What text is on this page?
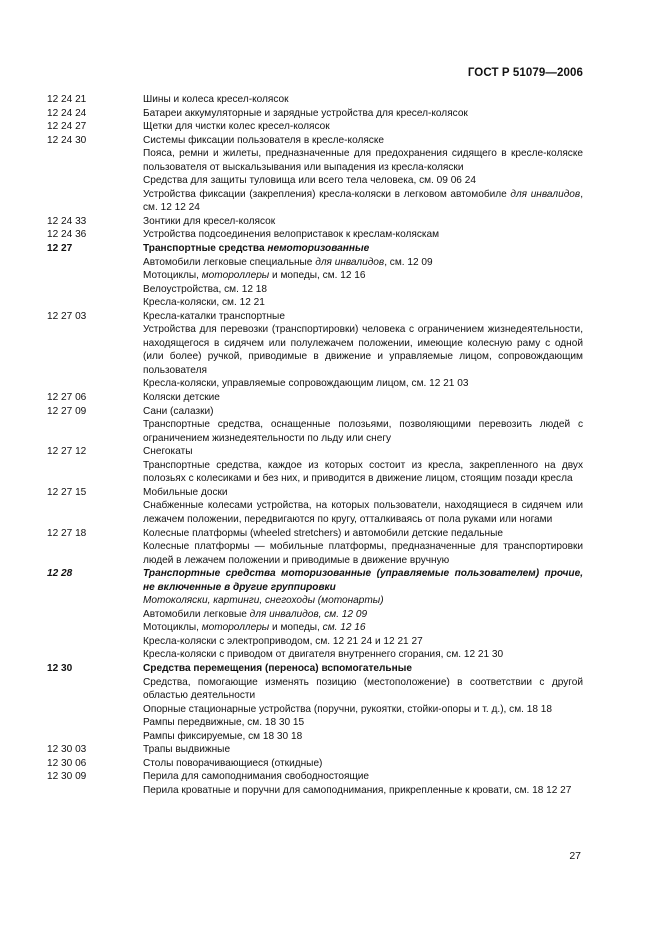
ГОСТ Р 51079—2006
12 24 21	Шины и колеса кресел-колясок
12 24 24	Батареи аккумуляторные и зарядные устройства для кресел-колясок
12 24 27	Щетки для чистки колес кресел-колясок
12 24 30	Системы фиксации пользователя в кресле-коляске
Пояса, ремни и жилеты, предназначенные для предохранения сидящего в кресле-коляске пользователя от выскальзывания или выпадения из кресла-коляски
Средства для защиты туловища или всего тела человека, см. 09 06 24
Устройства фиксации (закрепления) кресла-коляски в легковом автомобиле для инвалидов, см. 12 12 24
12 24 33	Зонтики для кресел-колясок
12 24 36	Устройства подсоединения велоприставок к креслам-коляскам
12 27	Транспортные средства немоторизованные
Автомобили легковые специальные для инвалидов, см. 12 09
Мотоциклы, мотороллеры и мопеды, см. 12 16
Велоустройства, см. 12 18
Кресла-коляски, см. 12 21
12 27 03	Кресла-каталки транспортные
Устройства для перевозки (транспортировки) человека с ограничением жизнедеятельности, находящегося в сидячем или полулежачем положении, имеющие колесную раму с одной (или более) ручкой, приводимые в движение и управляемые лицом, сопровождающим пользователя
Кресла-коляски, управляемые сопровождающим лицом, см. 12 21 03
12 27 06	Коляски детские
12 27 09	Сани (салазки)
Транспортные средства, оснащенные полозьями, позволяющими перевозить людей с ограничением жизнедеятельности по льду или снегу
12 27 12	Снегокаты
Транспортные средства, каждое из которых состоит из кресла, закрепленного на двух полозьях с колесиками и без них, и приводится в движение лицом, стоящим позади кресла
12 27 15	Мобильные доски
Снабженные колесами устройства, на которых пользователи, находящиеся в сидячем или лежачем положении, передвигаются по кругу, отталкиваясь от пола руками или ногами
12 27 18	Колесные платформы (wheeled stretchers) и автомобили детские педальные
Колесные платформы — мобильные платформы, предназначенные для транспортировки людей в лежачем положении и приводимые в движение вручную
12 28	Транспортные средства моторизованные (управляемые пользователем) прочие, не включенные в другие группировки
Мотоколяски, картинги, снегоходы (мотонарты)
Автомобили легковые для инвалидов, см. 12 09
Мотоциклы, мотороллеры и мопеды, см. 12 16
Кресла-коляски с электроприводом, см. 12 21 24 и 12 21 27
Кресла-коляски с приводом от двигателя внутреннего сгорания, см. 12 21 30
12 30	Средства перемещения (переноса) вспомогательные
Средства, помогающие изменять позицию (местоположение) в соответствии с другой областью деятельности
Опорные стационарные устройства (поручни, рукоятки, стойки-опоры и т. д.), см. 18 18
Рампы передвижные, см. 18 30 15
Рампы фиксируемые, см 18 30 18
12 30 03	Трапы выдвижные
12 30 06	Столы поворачивающиеся (откидные)
12 30 09	Перила для самоподнимания свободностоящие
Перила кроватные и поручни для самоподнимания, прикрепленные к кровати, см. 18 12 27
27
